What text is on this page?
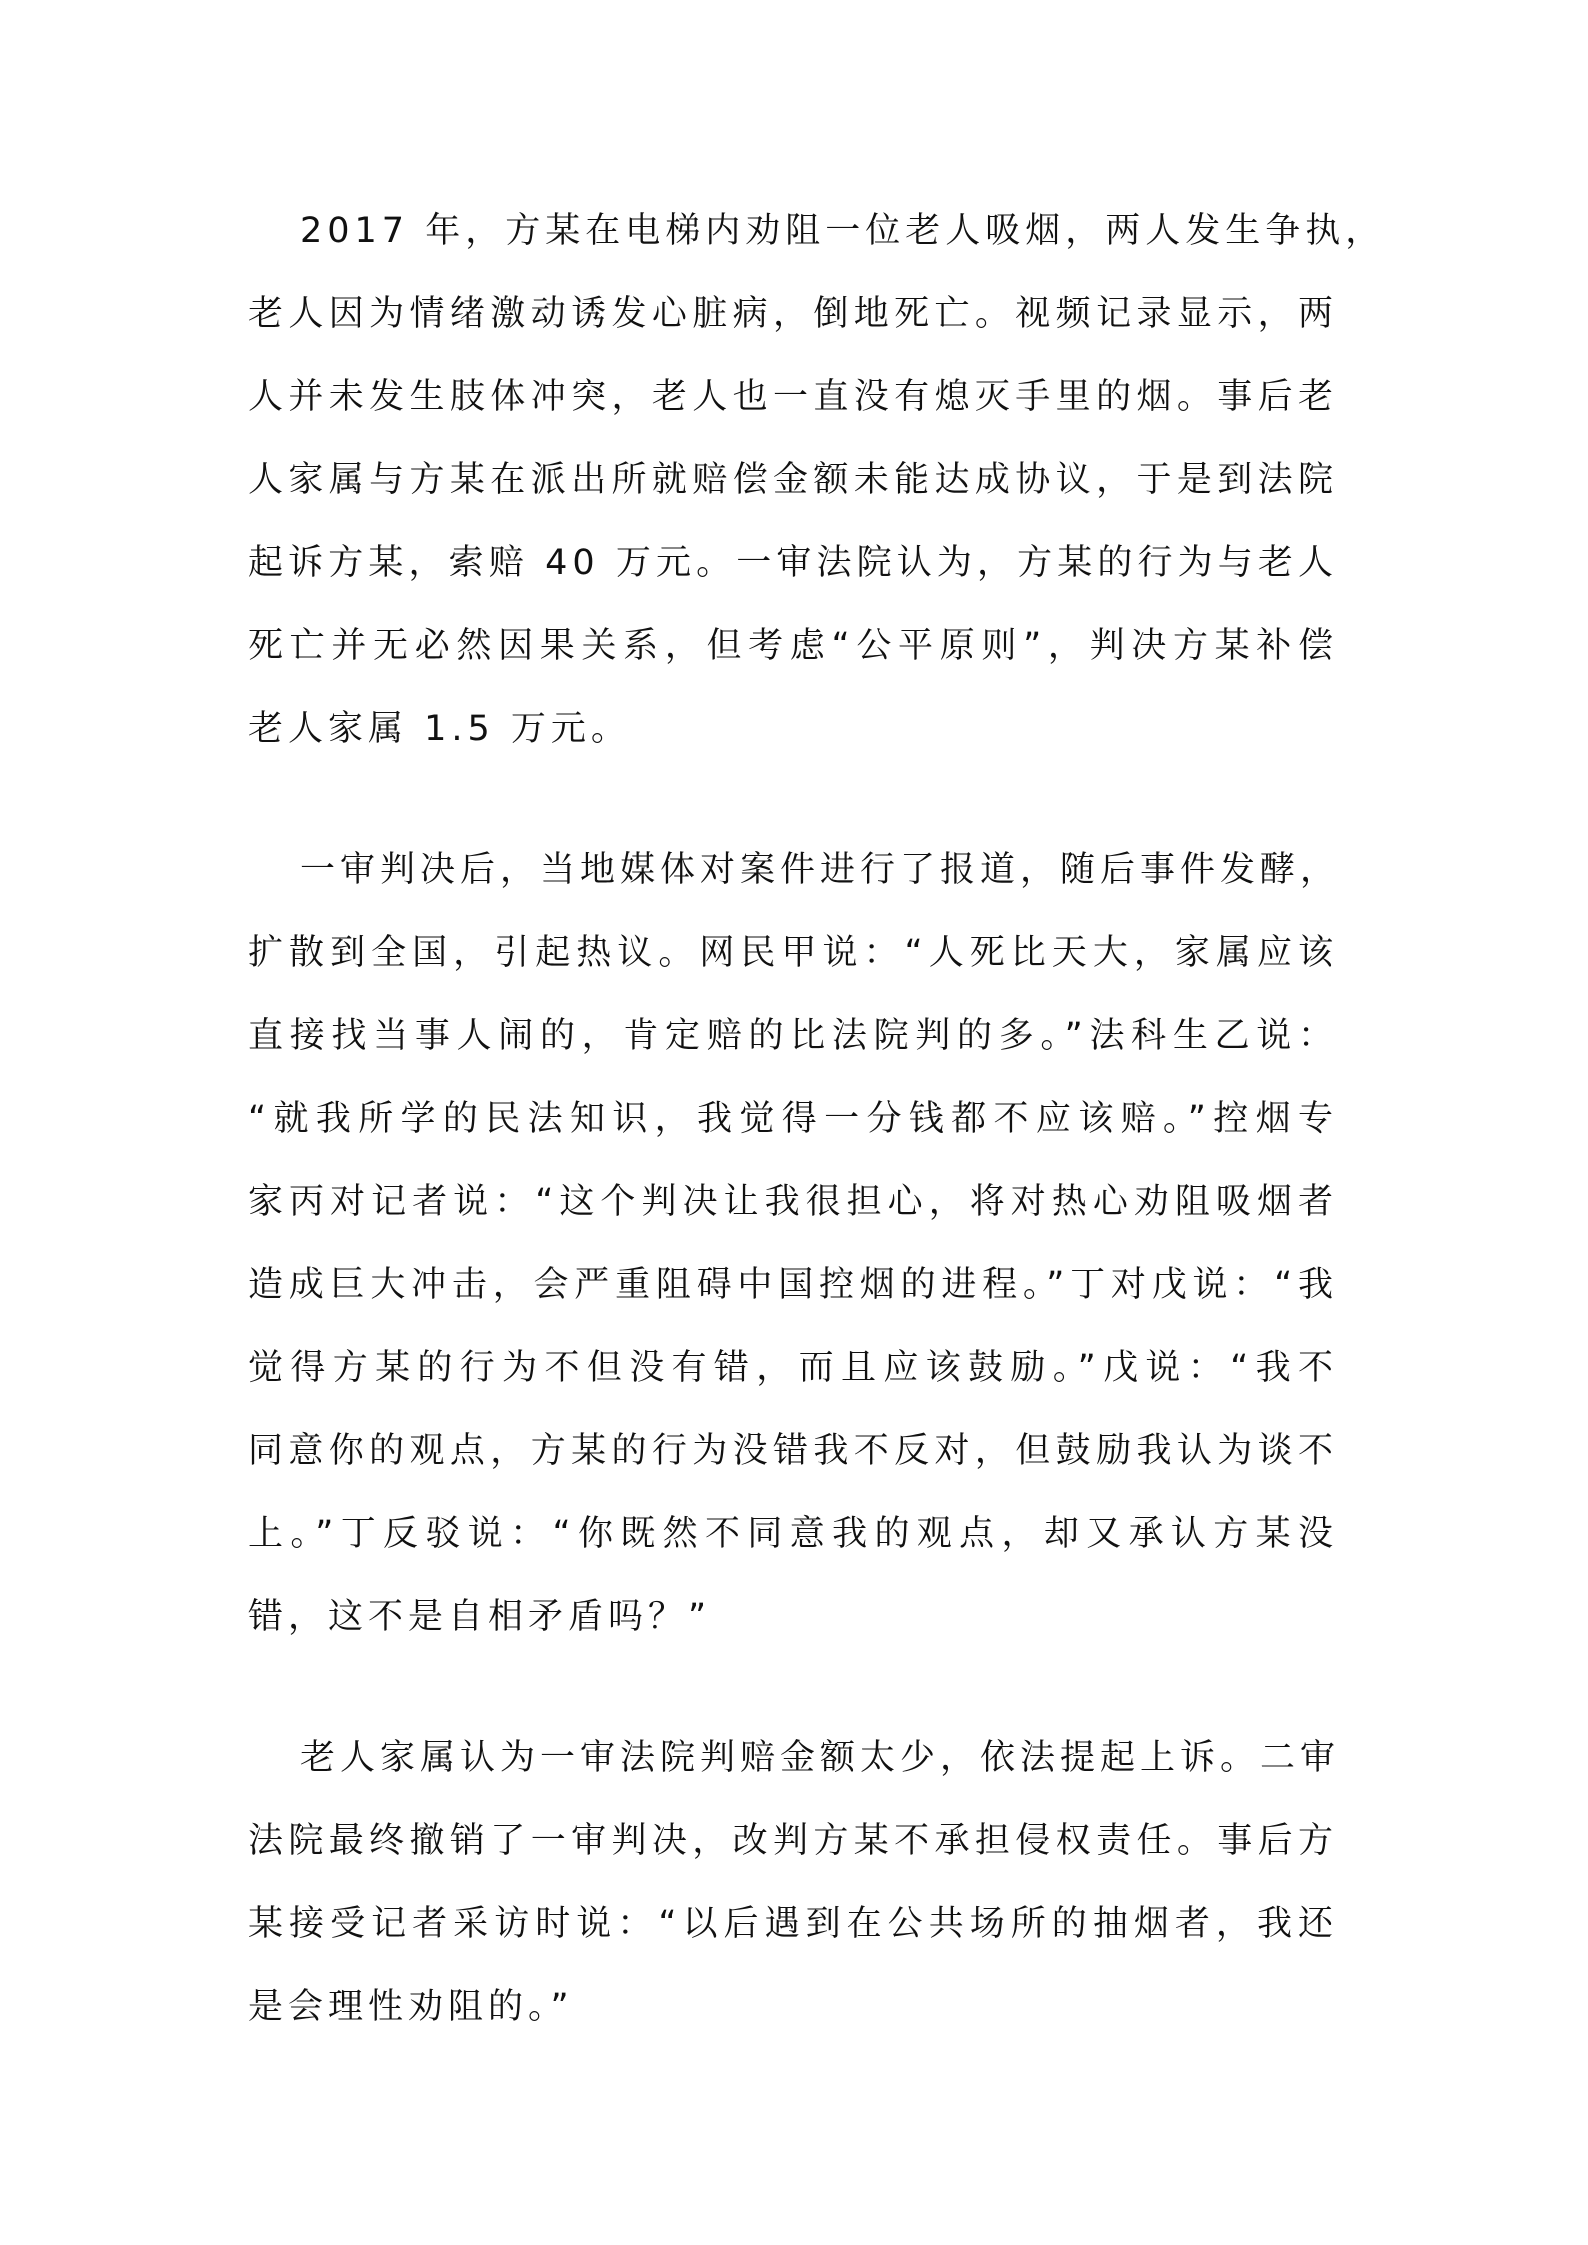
2017 年，方某在电梯内劝阻一位老人吸烟，两人发生争执，
老人因为情绪激动诱发心脏病，倒地死亡。视频记录显示，两
人并未发生肢体冲突，老人也一直没有熄灭手里的烟。事后老
人家属与方某在派出所就赔偿金额未能达成协议，于是到法院
起诉方某，索赔 40 万元。一审法院认为，方某的行为与老人
死亡并无必然因果关系，但考虑“公平原则”，判决方某补偿
老人家属 1.5 万元。
一审判决后，当地媒体对案件进行了报道，随后事件发酵，
扩散到全国，引起热议。网民甲说：“人死比天大，家属应该
直接找当事人闹的，肯定赔的比法院判的多。”法科生乙说：
“就我所学的民法知识，我觉得一分钱都不应该赔。”控烟专
家丙对记者说：“这个判决让我很担心，将对热心劝阻吸烟者
造成巨大冲击，会严重阻碍中国控烟的进程。”丁对戊说：“我
觉得方某的行为不但没有错，而且应该鼓励。”戊说：“我不
同意你的观点，方某的行为没错我不反对，但鼓励我认为谈不
上。”丁反驳说：“你既然不同意我的观点，却又承认方某没
错，这不是自相矛盾吗？”
老人家属认为一审法院判赔金额太少，依法提起上诉。二审
法院最终撤销了一审判决，改判方某不承担侵权责任。事后方
某接受记者采访时说：“以后遇到在公共场所的抽烟者，我还
是会理性劝阻的。”
